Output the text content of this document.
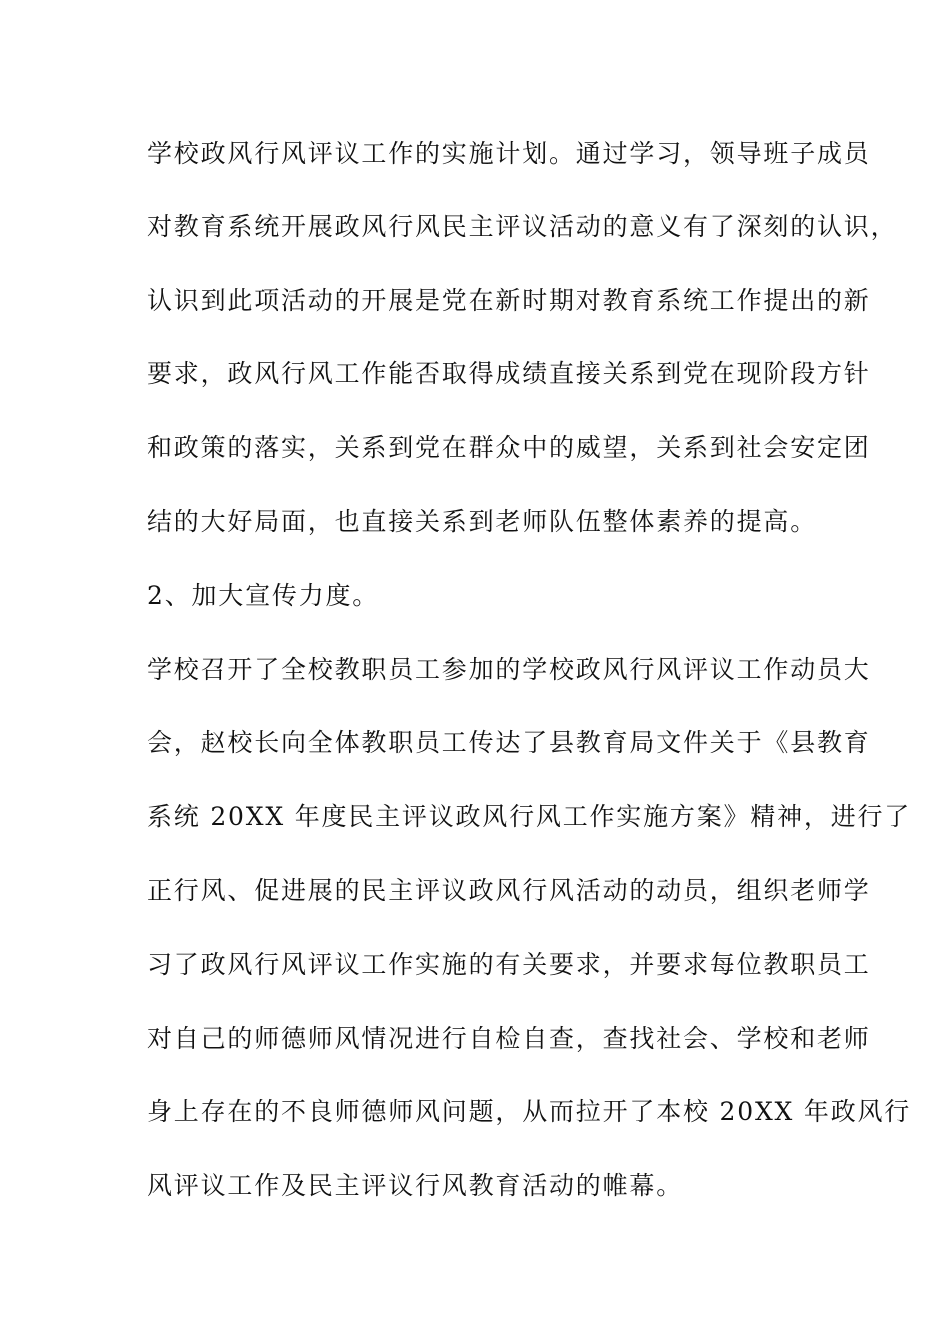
学校政风行风评议工作的实施计划。通过学习，领导班子成员
对教育系统开展政风行风民主评议活动的意义有了深刻的认识，
认识到此项活动的开展是党在新时期对教育系统工作提出的新
要求，政风行风工作能否取得成绩直接关系到党在现阶段方针
和政策的落实，关系到党在群众中的威望，关系到社会安定团
结的大好局面，也直接关系到老师队伍整体素养的提高。
2、加大宣传力度。
学校召开了全校教职员工参加的学校政风行风评议工作动员大
会，赵校长向全体教职员工传达了县教育局文件关于《县教育
系统 20XX 年度民主评议政风行风工作实施方案》精神，进行了
正行风、促进展的民主评议政风行风活动的动员，组织老师学
习了政风行风评议工作实施的有关要求，并要求每位教职员工
对自己的师德师风情况进行自检自查，查找社会、学校和老师
身上存在的不良师德师风问题，从而拉开了本校 20XX 年政风行
风评议工作及民主评议行风教育活动的帷幕。
